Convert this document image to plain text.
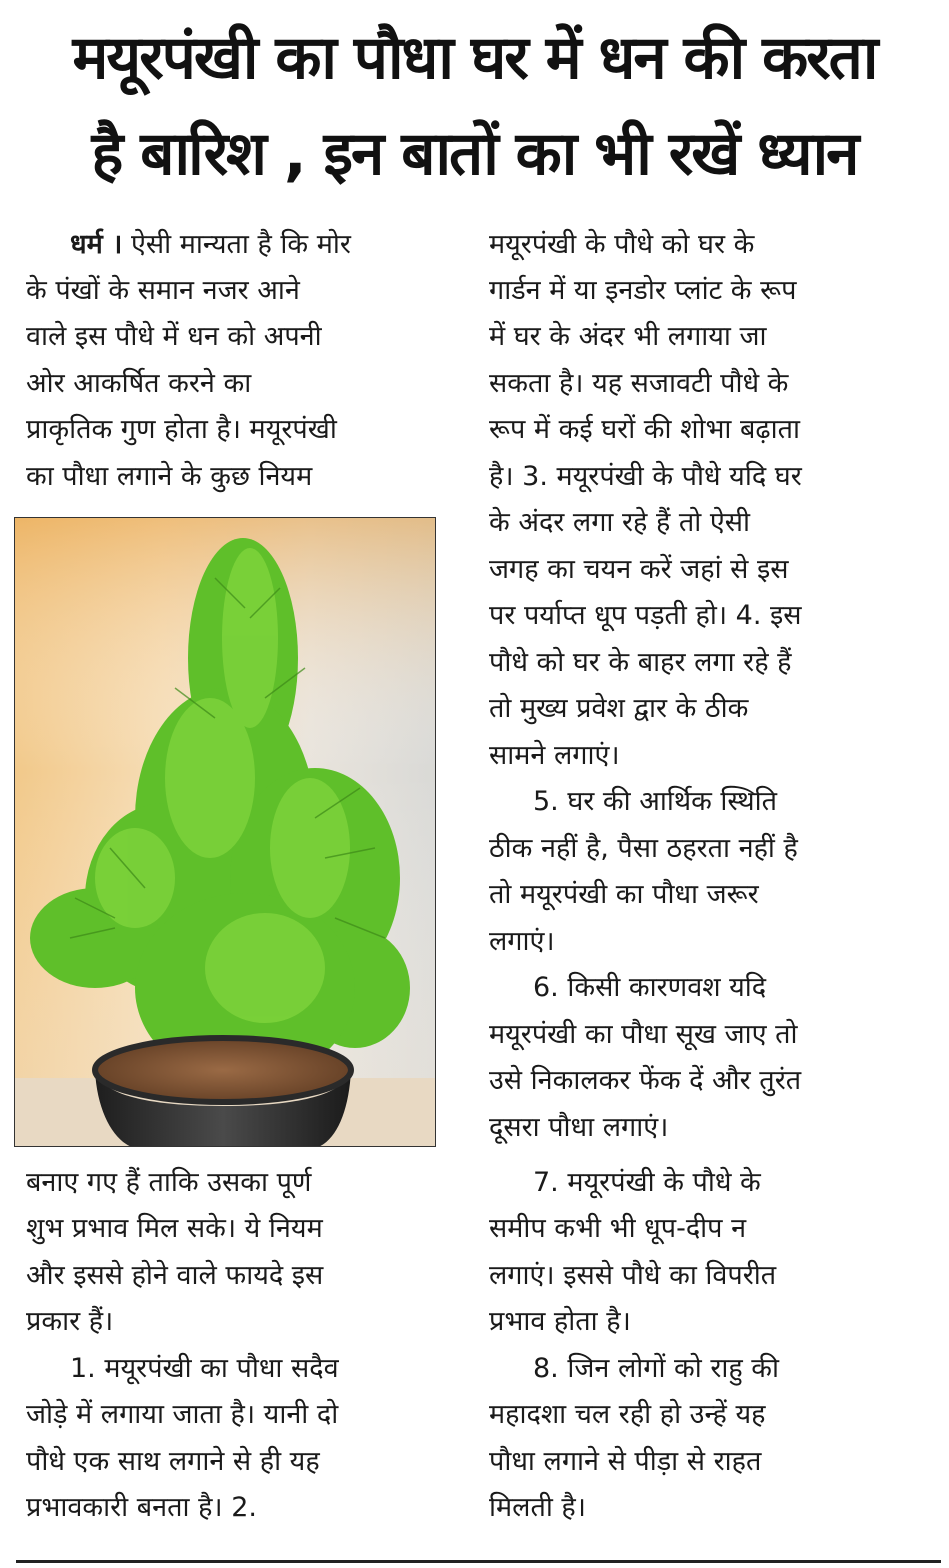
मयूरपंखी का पौधा घर में धन की करता
है बारिश , इन बातों का भी रखें ध्यान
धर्म । ऐसी मान्यता है कि मोर
के पंखों के समान नजर आने
वाले इस पौधे में धन को अपनी
ओर आकर्षित करने का
प्राकृतिक गुण होता है। मयूरपंखी
का पौधा लगाने के कुछ नियम
बनाए गए हैं ताकि उसका पूर्ण
शुभ प्रभाव मिल सके। ये नियम
और इससे होने वाले फायदे इस
प्रकार हैं।
1. मयूरपंखी का पौधा सदैव
जोड़े में लगाया जाता है। यानी दो
पौधे एक साथ लगाने से ही यह
प्रभावकारी बनता है। 2.
मयूरपंखी के पौधे को घर के
गार्डन में या इनडोर प्लांट के रूप
में घर के अंदर भी लगाया जा
सकता है। यह सजावटी पौधे के
रूप में कई घरों की शोभा बढ़ाता
है। 3. मयूरपंखी के पौधे यदि घर
के अंदर लगा रहे हैं तो ऐसी
जगह का चयन करें जहां से इस
पर पर्याप्त धूप पड़ती हो। 4. इस
पौधे को घर के बाहर लगा रहे हैं
तो मुख्य प्रवेश द्वार के ठीक
सामने लगाएं।
5. घर की आर्थिक स्थिति
ठीक नहीं है, पैसा ठहरता नहीं है
तो मयूरपंखी का पौधा जरूर
लगाएं।
6. किसी कारणवश यदि
मयूरपंखी का पौधा सूख जाए तो
उसे निकालकर फेंक दें और तुरंत
दूसरा पौधा लगाएं।
7. मयूरपंखी के पौधे के
समीप कभी भी धूप-दीप न
लगाएं। इससे पौधे का विपरीत
प्रभाव होता है।
8. जिन लोगों को राहु की
महादशा चल रही हो उन्हें यह
पौधा लगाने से पीड़ा से राहत
मिलती है।
